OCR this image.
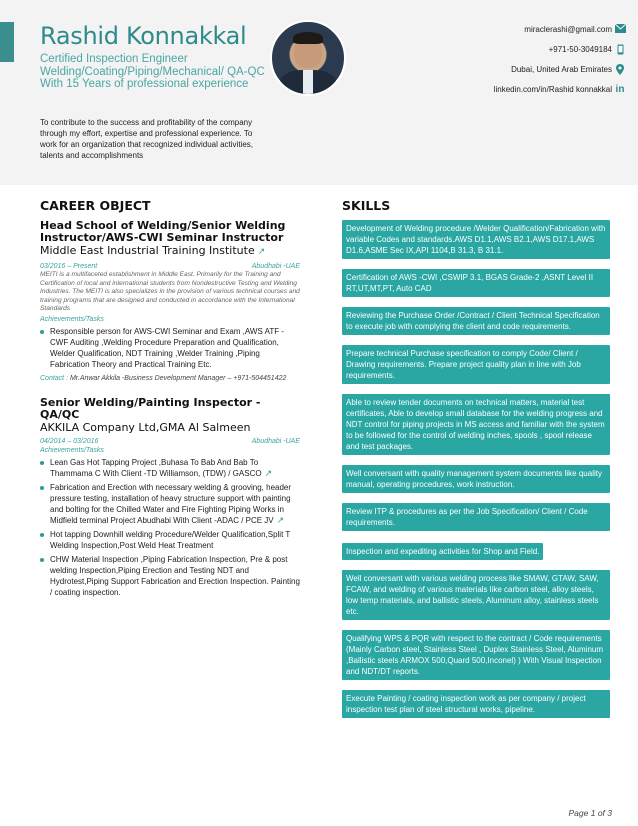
Rashid Konnakkal
Certified Inspection Engineer Welding/Coating/Piping/Mechanical/ QA-QC With 15 Years of professional experience
To contribute to the success and profitability of the company through my effort, expertise and professional experience. To work for an organization that recognized individual activities, talents and accomplishments
miraclerashi@gmail.com
+971-50-3049184
Dubai, United Arab Emirates
linkedin.com/in/Rashid konnakkal in
CAREER OBJECT	SKILLS
Head School of Welding/Senior Welding Instructor/AWS-CWI Seminar Instructor
Middle East Industrial Training Institute ↗
03/2016 – Present	Abudhabi -UAE
MEITI is a multifaceted establishment in Middle East. Primarily for the Training and Certification of local and international students from Nondestructive Testing and Welding Industries. The MEITI is also specializes in the provision of various technical courses and training programs that are designed and conducted in accordance with the International Standards
Achievements/Tasks
Responsible person for AWS-CWI Seminar and Exam ,AWS ATF -CWF Auditing ,Welding Procedure Preparation and Qualification, Welder Qualification, NDT Training ,Welder Training ,Piping Fabrication Theory and Practical Training Etc.
Contact : Mr.Anwar Akkila -Business Development Manager – +971-504451422
Senior Welding/Painting Inspector - QA/QC
AKKILA Company Ltd,GMA Al Salmeen
04/2014 – 03/2016	Abudhabi -UAE
Achievements/Tasks
Lean Gas Hot Tapping Project ,Buhasa To Bab And Bab To Thammama C With Client -TD Williamson, (TDW) / GASCO ↗
Fabrication and Erection with necessary welding & grooving, header pressure testing, installation of heavy structure support with painting and bolting for the Chilled Water and Fire Fighting Piping Works in Midfield terminal Project Abudhabi With Client -ADAC / PCE JV ↗
Hot tapping Downhill welding Procedure/Welder Qualification,Split T Welding Inspection,Post Weld Heat Treatment
CHW Material Inspection ,Piping Fabrication Inspection, Pre & post welding Inspection,Piping Erection and Testing NDT and Hydrotest,Piping Support Fabrication and Erection Inspection. Painting / coating inspection.
Development of Welding procedure /Welder Qualification/Fabrication with variable Codes and standards.AWS D1.1,AWS B2.1,AWS D17.1,AWS D1.6,ASME Sec IX,API 1104,B 31.3, B 31.1. Certification of AWS -CWI ,CSWIP 3.1, BGAS Grade-2 ,ASNT Level II RT,UT,MT,PT, Auto CAD Reviewing the Purchase Order /Contract / Client Technical Specification to execute job with complying the client and code requirements. Prepare technical Purchase specification to comply Code/ Client / Drawing requirements. Prepare project quality plan in line with Job requirements. Able to review tender documents on technical matters, material test certificates, Able to develop small database for the welding progress and NDT control for piping projects in MS access and familiar with the system to be followed for the control of welding inches, spools , spool release and test packages. Well conversant with quality management system documents like quality manual, operating procedures, work instruction. Review ITP & procedures as per the Job Specification/ Client / Code requirements. Inspection and expediting activities for Shop and Field. Well conversant with various welding process like SMAW, GTAW, SAW, FCAW, and welding of various materials like carbon steel, alloy steels, low temp materials, and ballistic steels, Aluminum alloy, stainless steels etc. Qualifying WPS & PQR with respect to the contract / Code requirements (Mainly Carbon steel, Stainless Steel , Duplex Stainless Steel, Aluminum ,Ballistic steels ARMOX 500,Quard 500,Inconel) ) With Visual Inspection and NDT/DT reports. Execute Painting / coating inspection work as per company / project inspection test plan of steel structural works, pipeline.
Page 1 of 3
